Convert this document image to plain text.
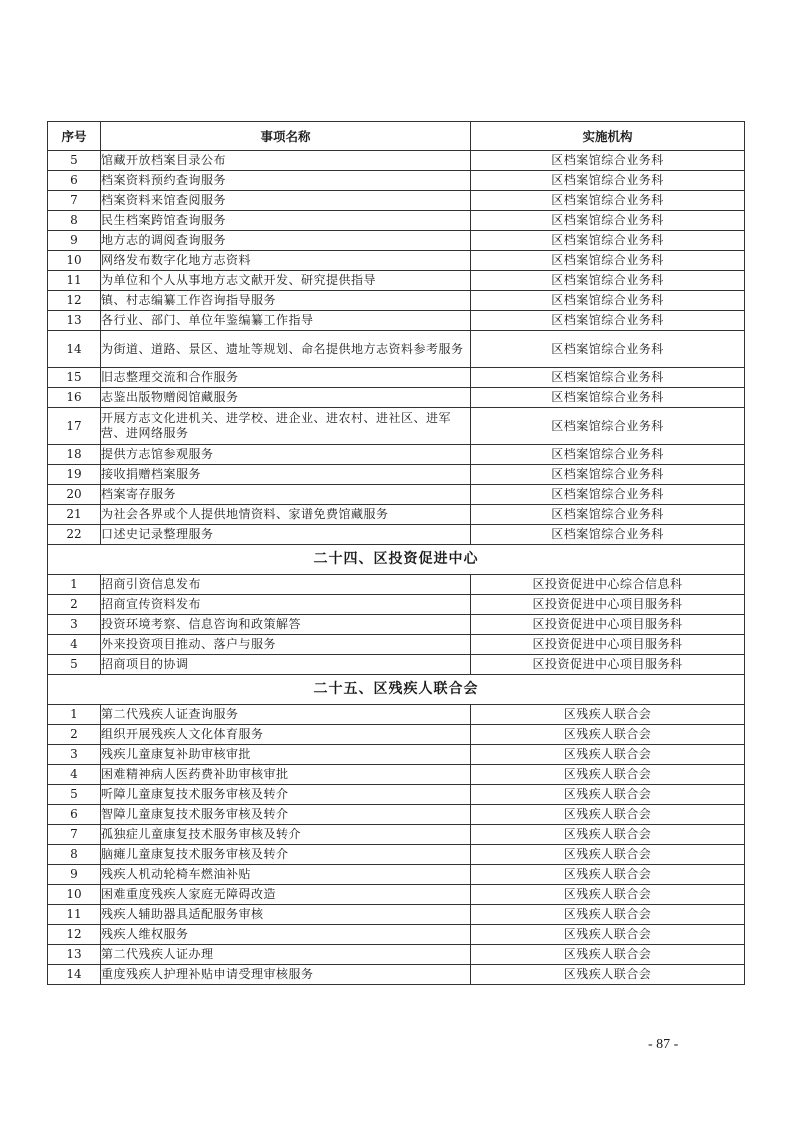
序号	事项名称	实施机构
5	馆藏开放档案目录公布	区档案馆综合业务科
6	档案资料预约查询服务	区档案馆综合业务科
7	档案资料来馆查阅服务	区档案馆综合业务科
8	民生档案跨馆查询服务	区档案馆综合业务科
9	地方志的调阅查询服务	区档案馆综合业务科
10	网络发布数字化地方志资料	区档案馆综合业务科
11	为单位和个人从事地方志文献开发、研究提供指导	区档案馆综合业务科
12	镇、村志编纂工作咨询指导服务	区档案馆综合业务科
13	各行业、部门、单位年鉴编纂工作指导	区档案馆综合业务科
14	为街道、道路、景区、遗址等规划、命名提供地方志资料参考服务	区档案馆综合业务科
15	旧志整理交流和合作服务	区档案馆综合业务科
16	志鉴出版物赠阅馆藏服务	区档案馆综合业务科
17	开展方志文化进机关、进学校、进企业、进农村、进社区、进军营、进网络服务	区档案馆综合业务科
18	提供方志馆参观服务	区档案馆综合业务科
19	接收捐赠档案服务	区档案馆综合业务科
20	档案寄存服务	区档案馆综合业务科
21	为社会各界或个人提供地情资料、家谱免费馆藏服务	区档案馆综合业务科
22	口述史记录整理服务	区档案馆综合业务科
二十四、区投资促进中心		
1	招商引资信息发布	区投资促进中心综合信息科
2	招商宣传资料发布	区投资促进中心项目服务科
3	投资环境考察、信息咨询和政策解答	区投资促进中心项目服务科
4	外来投资项目推动、落户与服务	区投资促进中心项目服务科
5	招商项目的协调	区投资促进中心项目服务科
二十五、区残疾人联合会		
1	第二代残疾人证查询服务	区残疾人联合会
2	组织开展残疾人文化体育服务	区残疾人联合会
3	残疾儿童康复补助审核审批	区残疾人联合会
4	困难精神病人医药费补助审核审批	区残疾人联合会
5	听障儿童康复技术服务审核及转介	区残疾人联合会
6	智障儿童康复技术服务审核及转介	区残疾人联合会
7	孤独症儿童康复技术服务审核及转介	区残疾人联合会
8	脑瘫儿童康复技术服务审核及转介	区残疾人联合会
9	残疾人机动轮椅车燃油补贴	区残疾人联合会
10	困难重度残疾人家庭无障碍改造	区残疾人联合会
11	残疾人辅助器具适配服务审核	区残疾人联合会
12	残疾人维权服务	区残疾人联合会
13	第二代残疾人证办理	区残疾人联合会
14	重度残疾人护理补贴申请受理审核服务	区残疾人联合会
- 87 -
